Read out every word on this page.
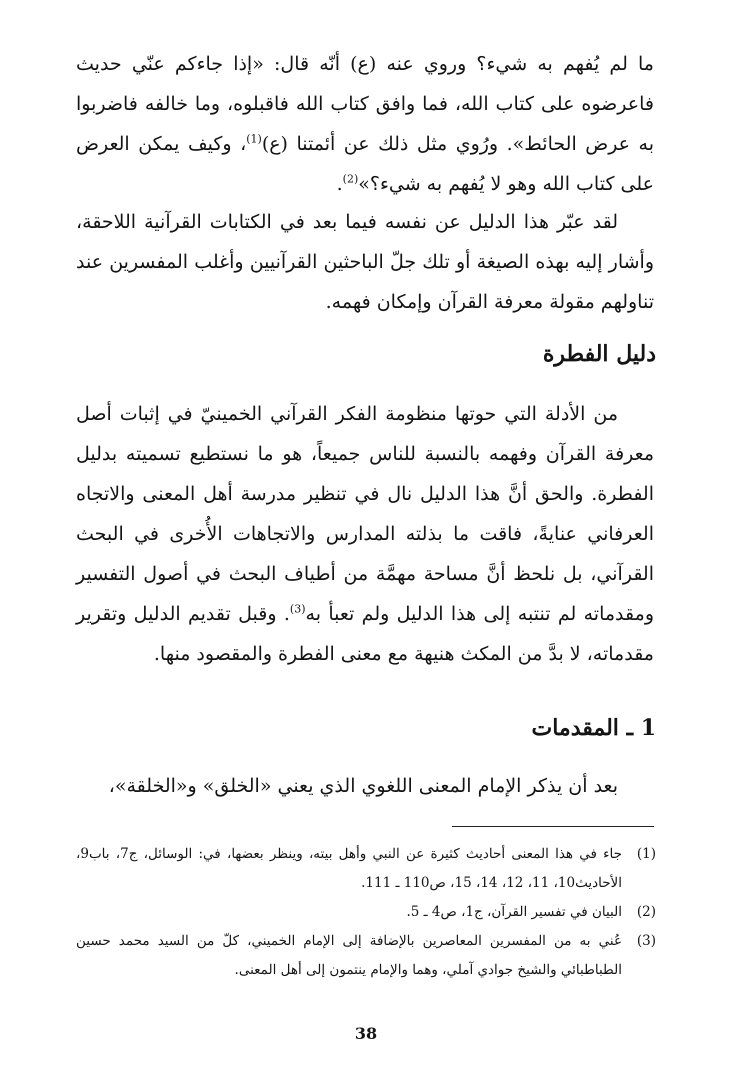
ما لم يُفهم به شيء؟ وروي عنه (ع) أنّه قال: «إذا جاءكم عنّي حديث فاعرضوه على كتاب الله، فما وافق كتاب الله فاقبلوه، وما خالفه فاضربوا به عرض الحائط». ورُوي مثل ذلك عن أئمتنا (ع)$^{(1)}$، وكيف يمكن العرض على كتاب الله وهو لا يُفهم به شيء؟»$^{(2)}$.

لقد عبّر هذا الدليل عن نفسه فيما بعد في الكتابات القرآنية اللاحقة، وأشار إليه بهذه الصيغة أو تلك جلّ الباحثين القرآنيين وأغلب المفسرين عند تناولهم مقولة معرفة القرآن وإمكان فهمه.

دليل الفطرة

من الأدلة التي حوتها منظومة الفكر القرآني الخمينيّ في إثبات أصل معرفة القرآن وفهمه بالنسبة للناس جميعاً، هو ما نستطيع تسميته بدليل الفطرة. والحق أنَّ هذا الدليل نال في تنظير مدرسة أهل المعنى والاتجاه العرفاني عنايةً، فاقت ما بذلته المدارس والاتجاهات الأُخرى في البحث القرآني، بل نلحظ أنَّ مساحة مهمَّة من أطياف البحث في أصول التفسير ومقدماته لم تنتبه إلى هذا الدليل ولم تعبأ به$^{(3)}$. وقبل تقديم الدليل وتقرير مقدماته، لا بدَّ من المكث هنيهة مع معنى الفطرة والمقصود منها.

1 ـ المقدمات

بعد أن يذكر الإمام المعنى اللغوي الذي يعني «الخلق» و«الخلقة»،

(1)
جاء في هذا المعنى أحاديث كثيرة عن النبي وأهل بيته، وينظر بعضها، في: الوسائل، ج7، باب9، الأحاديث10، 11، 12، 14، 15، ص110 ـ 111.
(2)
البيان في تفسير القرآن، ج1، ص4 ـ 5.
(3)
عُني به من المفسرين المعاصرين بالإضافة إلى الإمام الخميني، كلّ من السيد محمد حسين الطباطبائي والشيخ جوادي آملي، وهما والإمام ينتمون إلى أهل المعنى.
38
